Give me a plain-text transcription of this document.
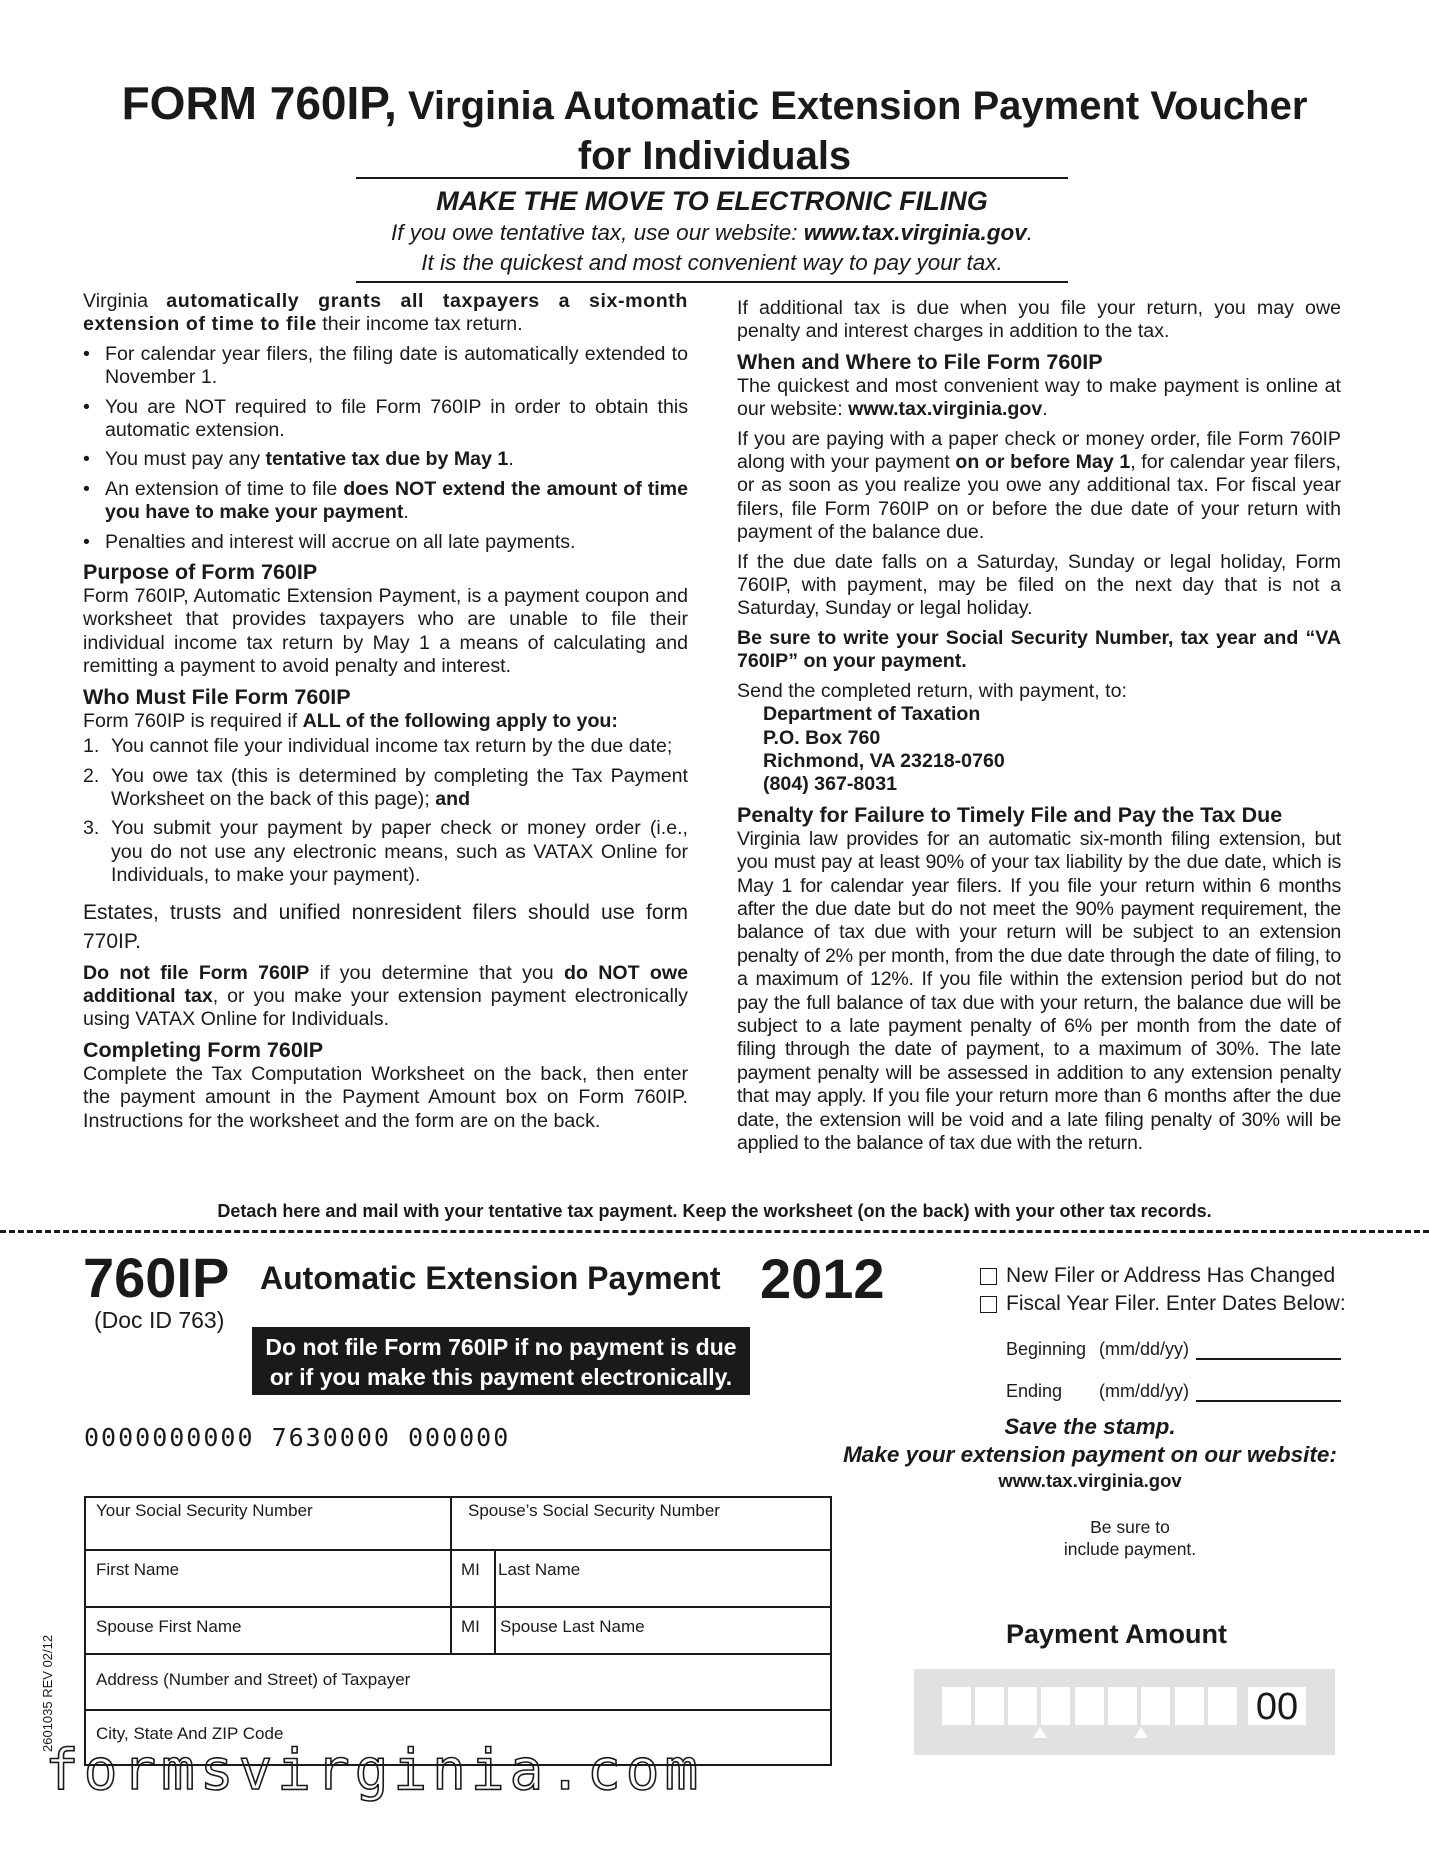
FORM 760IP, Virginia Automatic Extension Payment Voucher
for Individuals
MAKE THE MOVE TO ELECTRONIC FILING
If you owe tentative tax, use our website: www.tax.virginia.gov.
It is the quickest and most convenient way to pay your tax.

Virginia automatically grants all taxpayers a six-month extension of time to file their income tax return.

• For calendar year filers, the filing date is automatically extended to November 1.
• You are NOT required to file Form 760IP in order to obtain this automatic extension.
• You must pay any tentative tax due by May 1.
• An extension of time to file does NOT extend the amount of time you have to make your payment.
• Penalties and interest will accrue on all late payments.
Purpose of Form 760IP

Form 760IP, Automatic Extension Payment, is a payment coupon and worksheet that provides taxpayers who are unable to file their individual income tax return by May 1 a means of calculating and remitting a payment to avoid penalty and interest.

Who Must File Form 760IP

Form 760IP is required if ALL of the following apply to you:

1. You cannot file your individual income tax return by the due date;
2. You owe tax (this is determined by completing the Tax Payment Worksheet on the back of this page); and
3. You submit your payment by paper check or money order (i.e., you do not use any electronic means, such as VATAX Online for Individuals, to make your payment).

Estates, trusts and unified nonresident filers should use form 770IP.

Do not file Form 760IP if you determine that you do NOT owe additional tax, or you make your extension payment electronically using VATAX Online for Individuals.

Completing Form 760IP

Complete the Tax Computation Worksheet on the back, then enter the payment amount in the Payment Amount box on Form 760IP. Instructions for the worksheet and the form are on the back.

If additional tax is due when you file your return, you may owe penalty and interest charges in addition to the tax.

When and Where to File Form 760IP

The quickest and most convenient way to make payment is online at our website: www.tax.virginia.gov.

If you are paying with a paper check or money order, file Form 760IP along with your payment on or before May 1, for calendar year filers, or as soon as you realize you owe any additional tax. For fiscal year filers, file Form 760IP on or before the due date of your return with payment of the balance due.

If the due date falls on a Saturday, Sunday or legal holiday, Form 760IP, with payment, may be filed on the next day that is not a Saturday, Sunday or legal holiday.

Be sure to write your Social Security Number, tax year and “VA 760IP” on your payment.

Send the completed return, with payment, to:

Department of Taxation
P.O. Box 760
Richmond, VA 23218-0760
(804) 367-8031
Penalty for Failure to Timely File and Pay the Tax Due

Virginia law provides for an automatic six-month filing extension, but you must pay at least 90% of your tax liability by the due date, which is May 1 for calendar year filers. If you file your return within 6 months after the due date but do not meet the 90% payment requirement, the balance of tax due with your return will be subject to an extension penalty of 2% per month, from the due date through the date of filing, to a maximum of 12%. If you file within the extension period but do not pay the full balance of tax due with your return, the balance due will be subject to a late payment penalty of 6% per month from the date of filing through the date of payment, to a maximum of 30%. The late payment penalty will be assessed in addition to any extension penalty that may apply. If you file your return more than 6 months after the due date, the extension will be void and a late filing penalty of 30% will be applied to the balance of tax due with the return.

Detach here and mail with your tentative tax payment. Keep the worksheet (on the back) with your other tax records.
760IP
(Doc ID 763)
Automatic Extension Payment 2012
Do not file Form 760IP if no payment is due
or if you make this payment electronically.
0000000000 7630000 000000
New Filer or Address Has Changed
Fiscal Year Filer. Enter Dates Below:
Beginning (mm/dd/yy)
Ending (mm/dd/yy)
Save the stamp.
Make your extension payment on our website:
www.tax.virginia.gov
Be sure to
include payment.
Your Social Security Number	Spouse’s Social Security Number
First Name	MI Last Name
Spouse First Name	MI Spouse Last Name
Address (Number and Street) of Taxpayer
City, State And ZIP Code
2601035 REV 02/12
Payment Amount
00
formsvirginia.com
